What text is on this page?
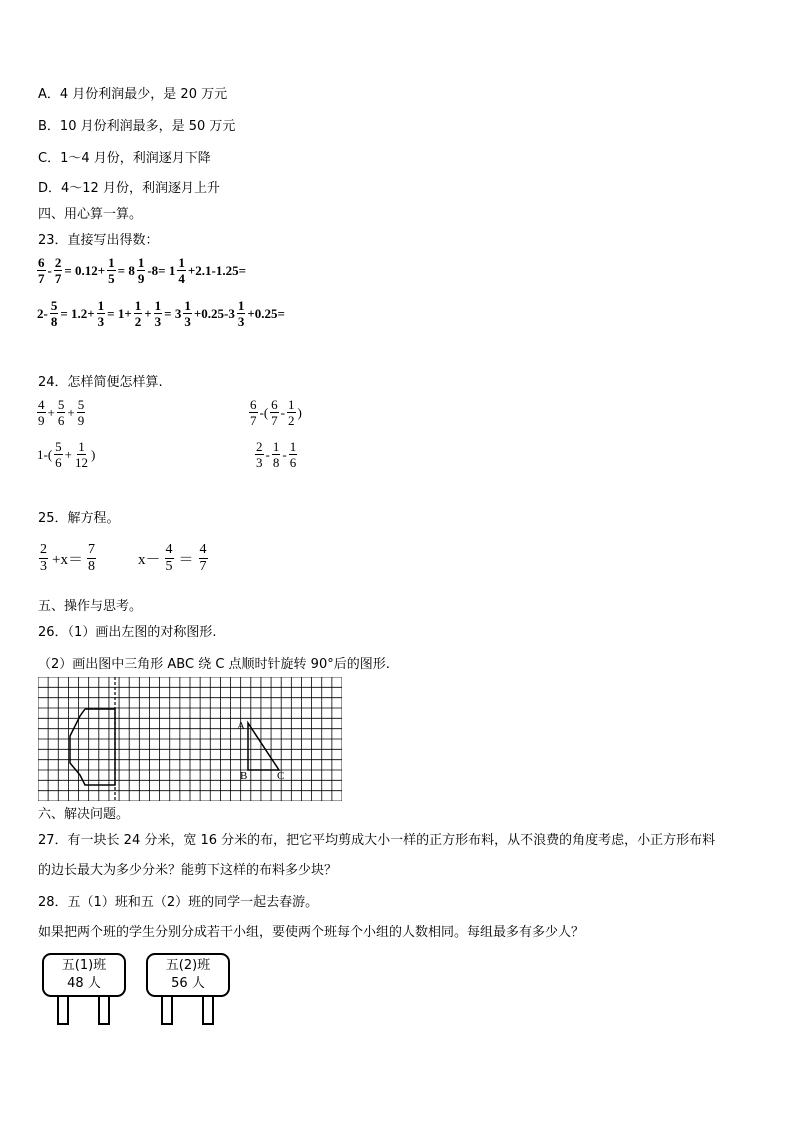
A．4 月份利润最少，是 20 万元
B．10 月份利润最多，是 50 万元
C．1～4 月份，利润逐月下降
D．4～12 月份，利润逐月上升
四、用心算一算。
23．直接写出得数：
$\frac{6}{7} - \frac{2}{7} = 0.12+ \frac{1}{5} = 8 \frac{1}{9} -8= 1 \frac{1}{4} +2.1-1.25=$
$2- \frac{5}{8} = 1.2+ \frac{1}{3} = 1+ \frac{1}{2} + \frac{1}{3} = 3 \frac{1}{3} +0.25-3 \frac{1}{3} +0.25=$
24．怎样简便怎样算.
$\frac{4}{9} + \frac{5}{6} + \frac{5}{9}$	$\frac{6}{7}$ -( $\frac{6}{7} - \frac{1}{2}$ )
$1-( \frac{5}{6} + \frac{1}{12}$ )	$\frac{2}{3} - \frac{1}{8} - \frac{1}{6}$
25．解方程。
$\frac{2}{3} +x= \frac{7}{8}$	$x- \frac{4}{5} = \frac{4}{7}$
五、操作与思考。
26．（1）画出左图的对称图形.
（2）画出图中三角形 ABC 绕 C 点顺时针旋转 90°后的图形.
A
B	C
六、解决问题。
27．有一块长 24 分米，宽 16 分米的布，把它平均剪成大小一样的正方形布料，从不浪费的角度考虑，小正方形布料
的边长最大为多少分米？能剪下这样的布料多少块？
28．五（1）班和五（2）班的同学一起去春游。
如果把两个班的学生分别分成若干小组，要使两个班每个小组的人数相同。每组最多有多少人？
五(1)班
48 人
五(2)班
56 人
